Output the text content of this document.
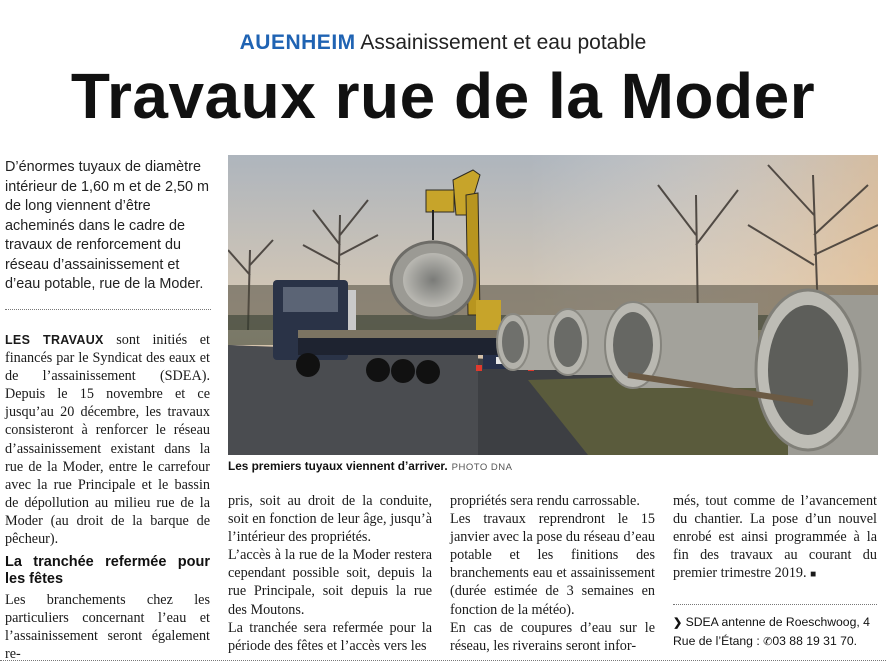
AUENHEIM Assainissement et eau potable
Travaux rue de la Moder
D’énormes tuyaux de diamètre intérieur de 1,60 m et de 2,50 m de long viennent d’être acheminés dans le cadre de travaux de renforcement du réseau d’assainissement et d’eau potable, rue de la Moder.

LES TRAVAUX sont initiés et financés par le Syndicat des eaux et de l’assainissement (SDEA). Depuis le 15 novembre et ce jusqu’au 20 décembre, les travaux consisteront à renforcer le réseau d’assainissement existant dans la rue de la Moder, entre le carrefour avec la rue Principale et le bassin de dépollution au milieu rue de la Moder (au droit de la barque de pêcheur).

La tranchée refermée pour les fêtes

Les branchements chez les particuliers concernant l’eau et l’assainissement seront également re-

Les premiers tuyaux viennent d’arriver. PHOTO DNA

pris, soit au droit de la conduite, soit en fonction de leur âge, jusqu’à l’intérieur des propriétés.

L’accès à la rue de la Moder restera cependant possible soit, depuis la rue Principale, soit depuis la rue des Moutons.

La tranchée sera refermée pour la période des fêtes et l’accès vers les

propriétés sera rendu carrossable.

Les travaux reprendront le 15 janvier avec la pose du réseau d’eau potable et les finitions des branchements eau et assainissement (durée estimée de 3 semaines en fonction de la météo).

En cas de coupures d’eau sur le réseau, les riverains seront infor-

més, tout comme de l’avancement du chantier. La pose d’un nouvel enrobé est ainsi programmée à la fin des travaux au courant du premier trimestre 2019. ■

❯ SDEA antenne de Roeschwoog, 4
Rue de l’Étang : ✆03 88 19 31 70.
